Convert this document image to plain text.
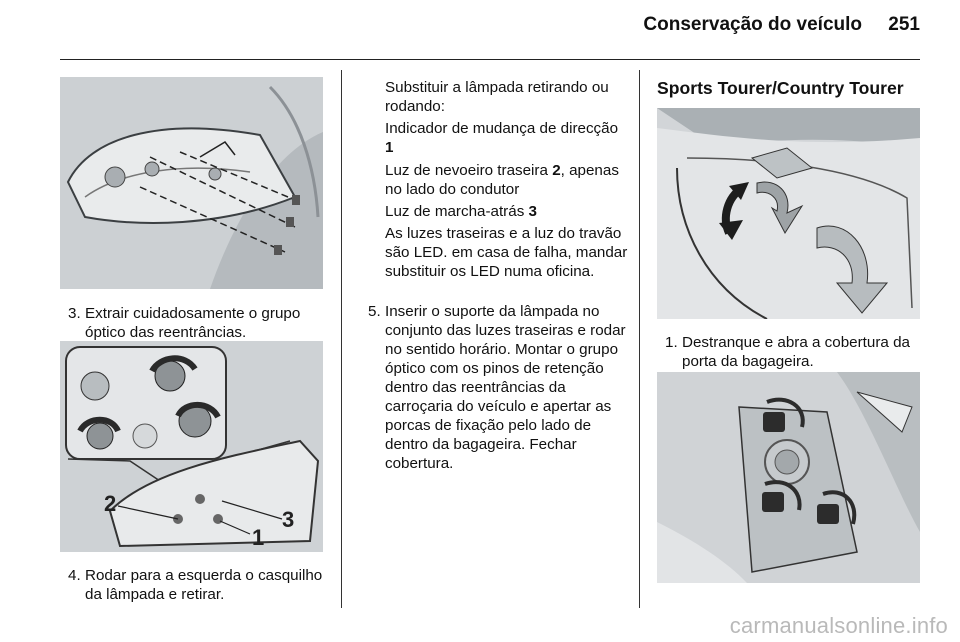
Conservação do veículo	251
3. Extrair cuidadosamente o grupo óptico das reentrâncias.
2
3
1
4. Rodar para a esquerda o casquilho da lâmpada e retirar.
Substituir a lâmpada retirando ou rodando:
Indicador de mudança de direcção 1
Luz de nevoeiro traseira 2, apenas no lado do condutor
Luz de marcha-atrás 3
As luzes traseiras e a luz do travão são LED. em casa de falha, mandar substituir os LED numa oficina.
5. Inserir o suporte da lâmpada no conjunto das luzes traseiras e rodar no sentido horário. Montar o grupo óptico com os pinos de retenção dentro das reentrâncias da carroçaria do veículo e apertar as porcas de fixação pelo lado de dentro da bagageira. Fechar cobertura.
Sports Tourer/Country Tourer
1. Destranque e abra a cobertura da porta da bagageira.
carmanualsonline.info
